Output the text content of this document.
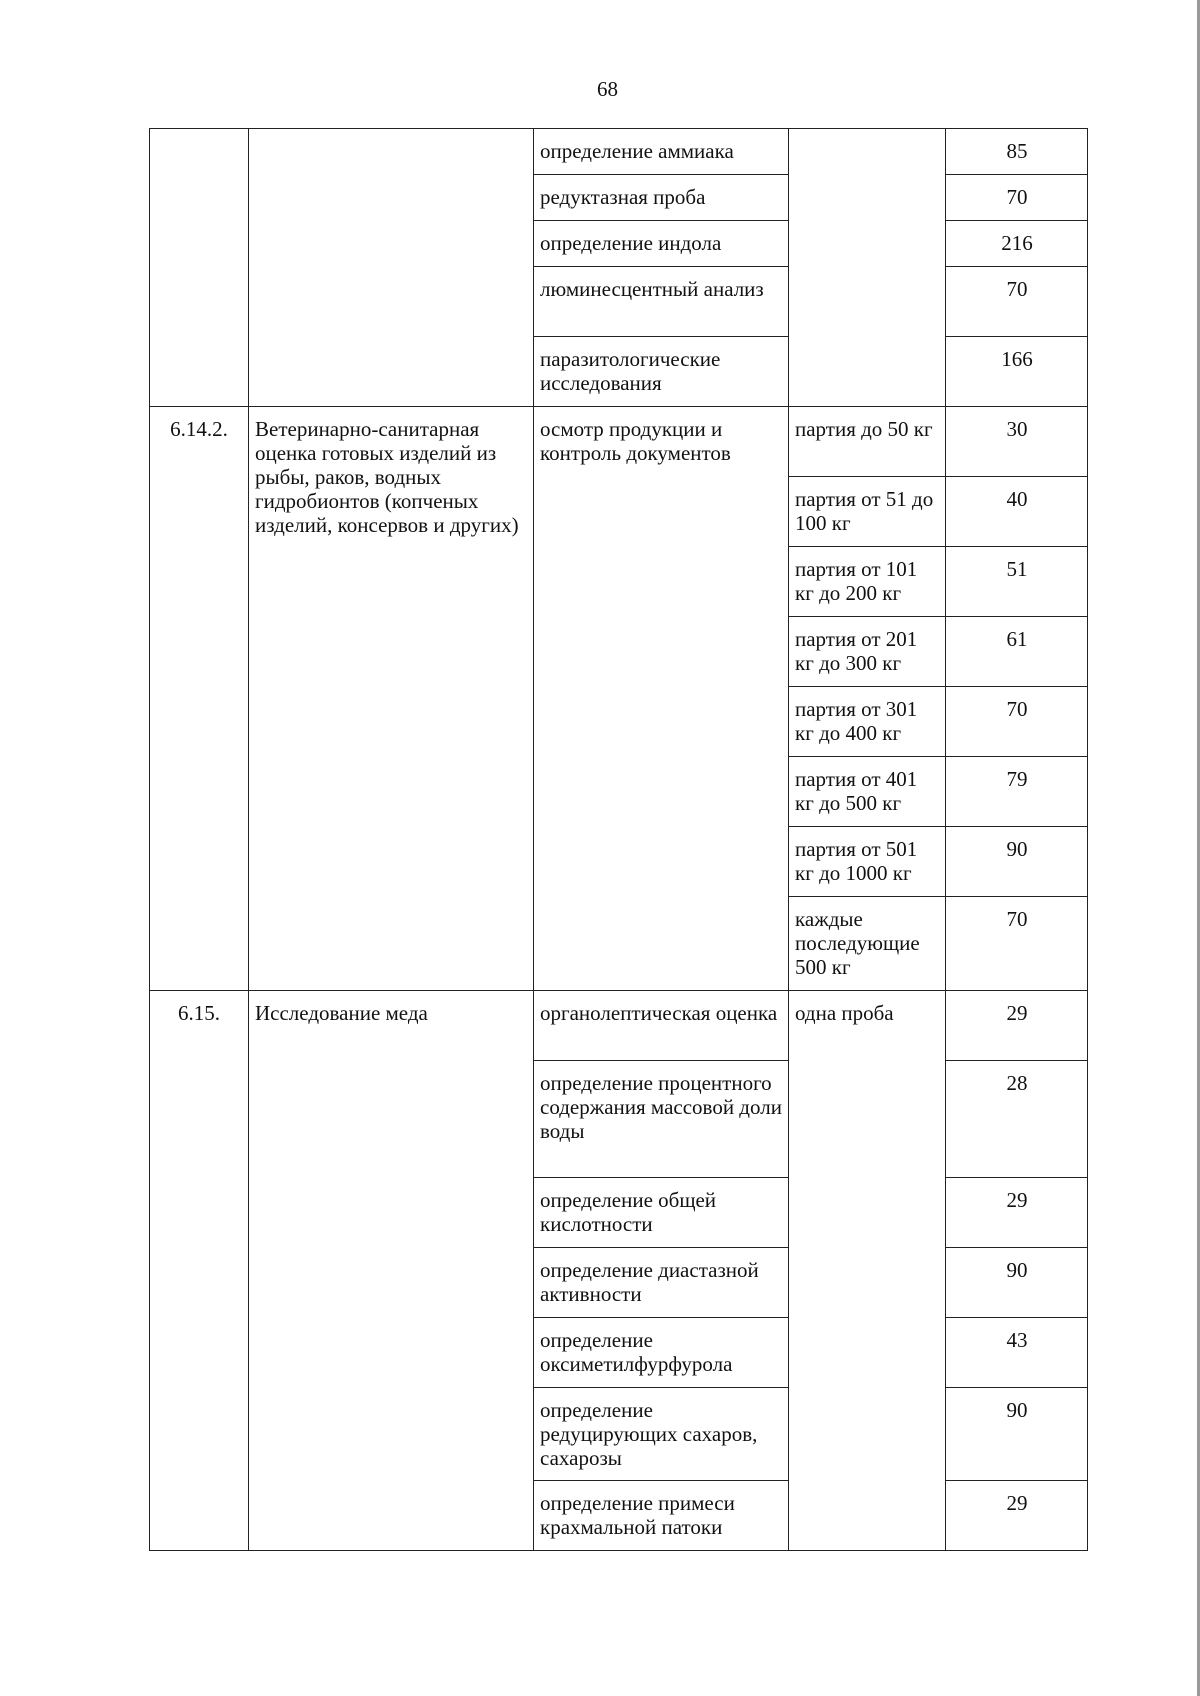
68
		определение аммиака		85
		редуктазная проба		70
		определение индола		216
		люминесцентный анализ		70
		паразитологические исследования		166
6.14.2.	Ветеринарно-санитарная оценка готовых изделий из рыбы, раков, водных гидробионтов (копченых изделий, консервов и других)	осмотр продукции и контроль документов	партия до 50 кг	30
			партия от 51 до 100 кг	40
			партия от 101 кг до 200 кг	51
			партия от 201 кг до 300 кг	61
			партия от 301 кг до 400 кг	70
			партия от 401 кг до 500 кг	79
			партия от 501 кг до 1000 кг	90
			каждые последующие 500 кг	70
6.15.	Исследование меда	органолептическая оценка	одна проба	29
		определение процентного содержания массовой доли воды		28
		определение общей кислотности		29
		определение диастазной активности		90
		определение оксиметилфурфурола		43
		определение редуцирующих сахаров, сахарозы		90
		определение примеси крахмальной патоки		29
